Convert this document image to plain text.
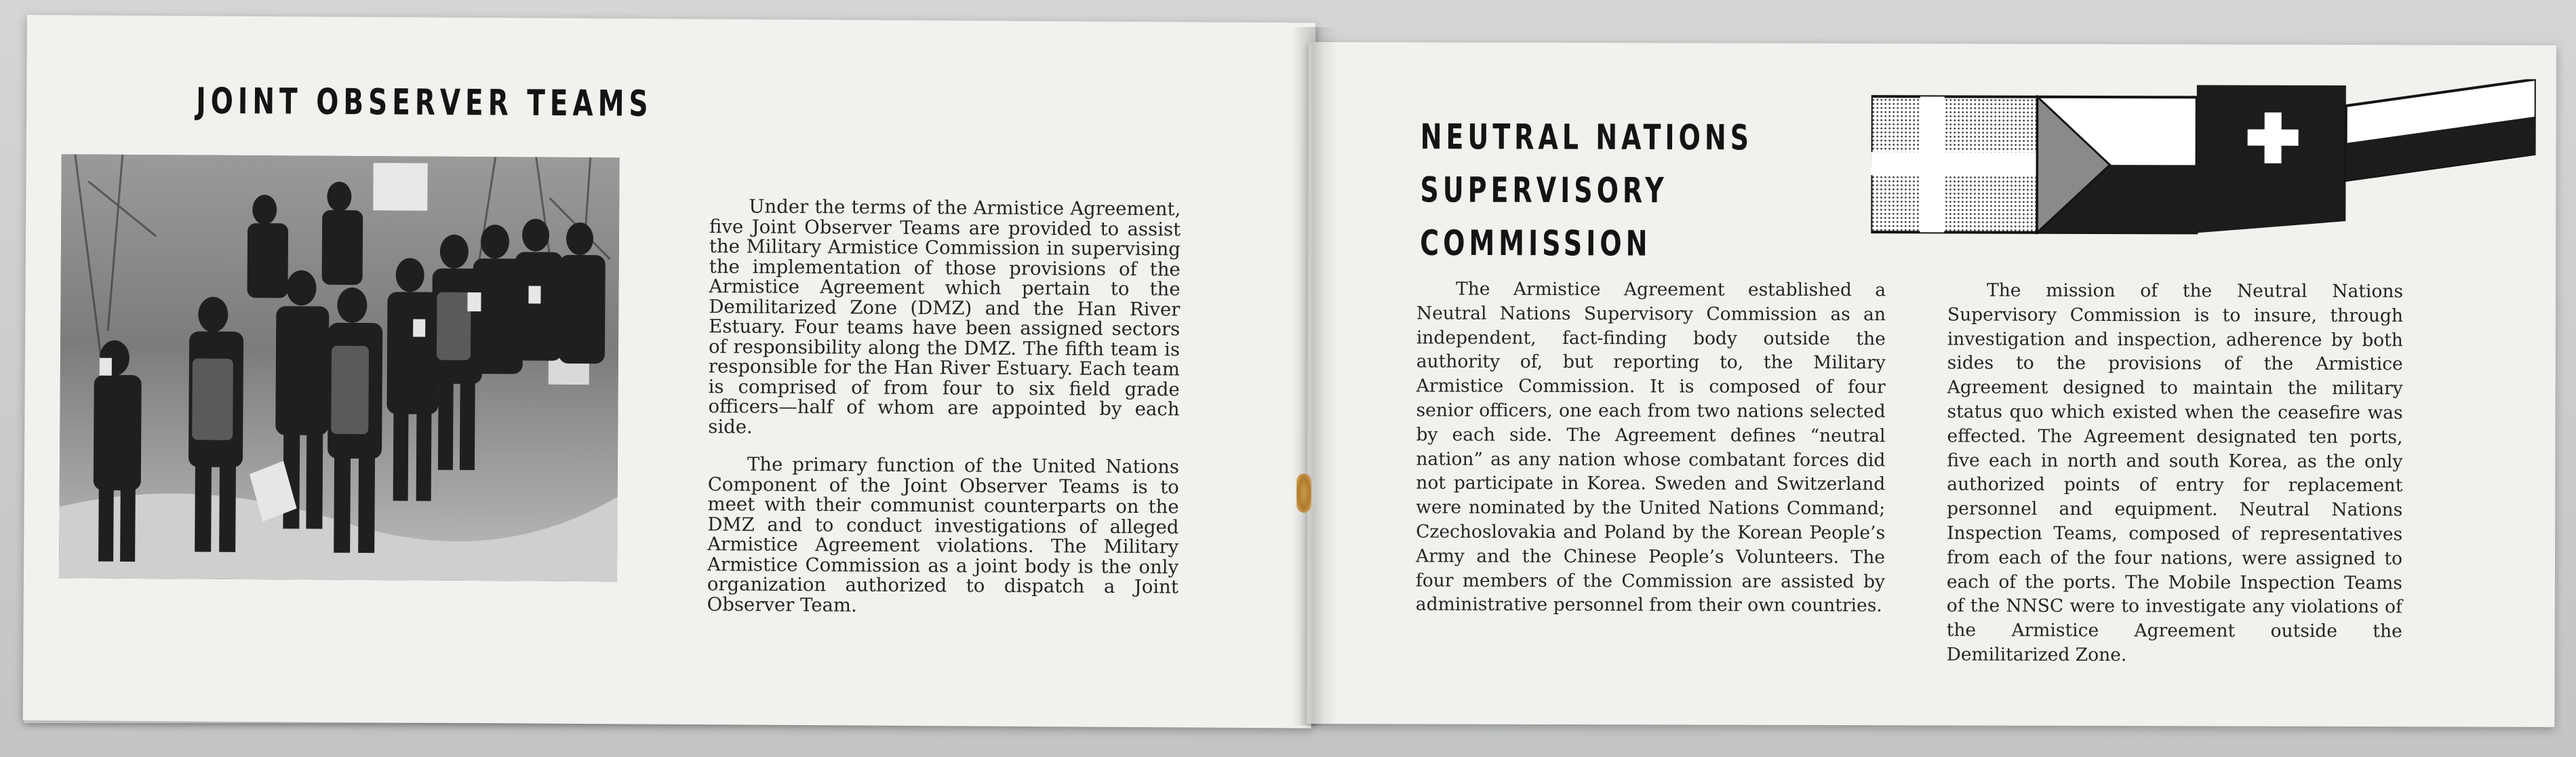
JOINT OBSERVER TEAMS

Under the terms of the Armistice Agreement, five Joint Observer Teams are provided to assist the Military Armistice Commission in supervising the implementation of those provisions of the Armistice Agreement which pertain to the Demilitarized Zone (DMZ) and the Han River Estuary. Four teams have been assigned sectors of responsibility along the DMZ. The fifth team is responsible for the Han River Estuary. Each team is comprised of from four to six field grade officers—half of whom are appointed by each side.

The primary function of the United Nations Component of the Joint Observer Teams is to meet with their communist counterparts on the DMZ and to conduct investigations of alleged Armistice Agreement violations. The Military Armistice Commission as a joint body is the only organization authorized to dispatch a Joint Observer Team.

NEUTRAL NATIONS
SUPERVISORY
COMMISSION

The Armistice Agreement established a Neutral Nations Supervisory Commission as an independent, fact-finding body outside the authority of, but reporting to, the Military Armistice Commission. It is composed of four senior officers, one each from two nations selected by each side. The Agreement defines “neutral nation” as any nation whose combatant forces did not participate in Korea. Sweden and Switzerland were nominated by the United Nations Command; Czechoslovakia and Poland by the Korean People’s Army and the Chinese People’s Volunteers. The four members of the Commission are assisted by administrative personnel from their own countries.

The mission of the Neutral Nations Supervisory Commission is to insure, through investigation and inspection, adherence by both sides to the provisions of the Armistice Agreement designed to maintain the military status quo which existed when the ceasefire was effected. The Agreement designated ten ports, five each in north and south Korea, as the only authorized points of entry for replacement personnel and equipment. Neutral Nations Inspection Teams, composed of representatives from each of the four nations, were assigned to each of the ports. The Mobile Inspection Teams of the NNSC were to investigate any violations of the Armistice Agreement outside the Demilitarized Zone.
